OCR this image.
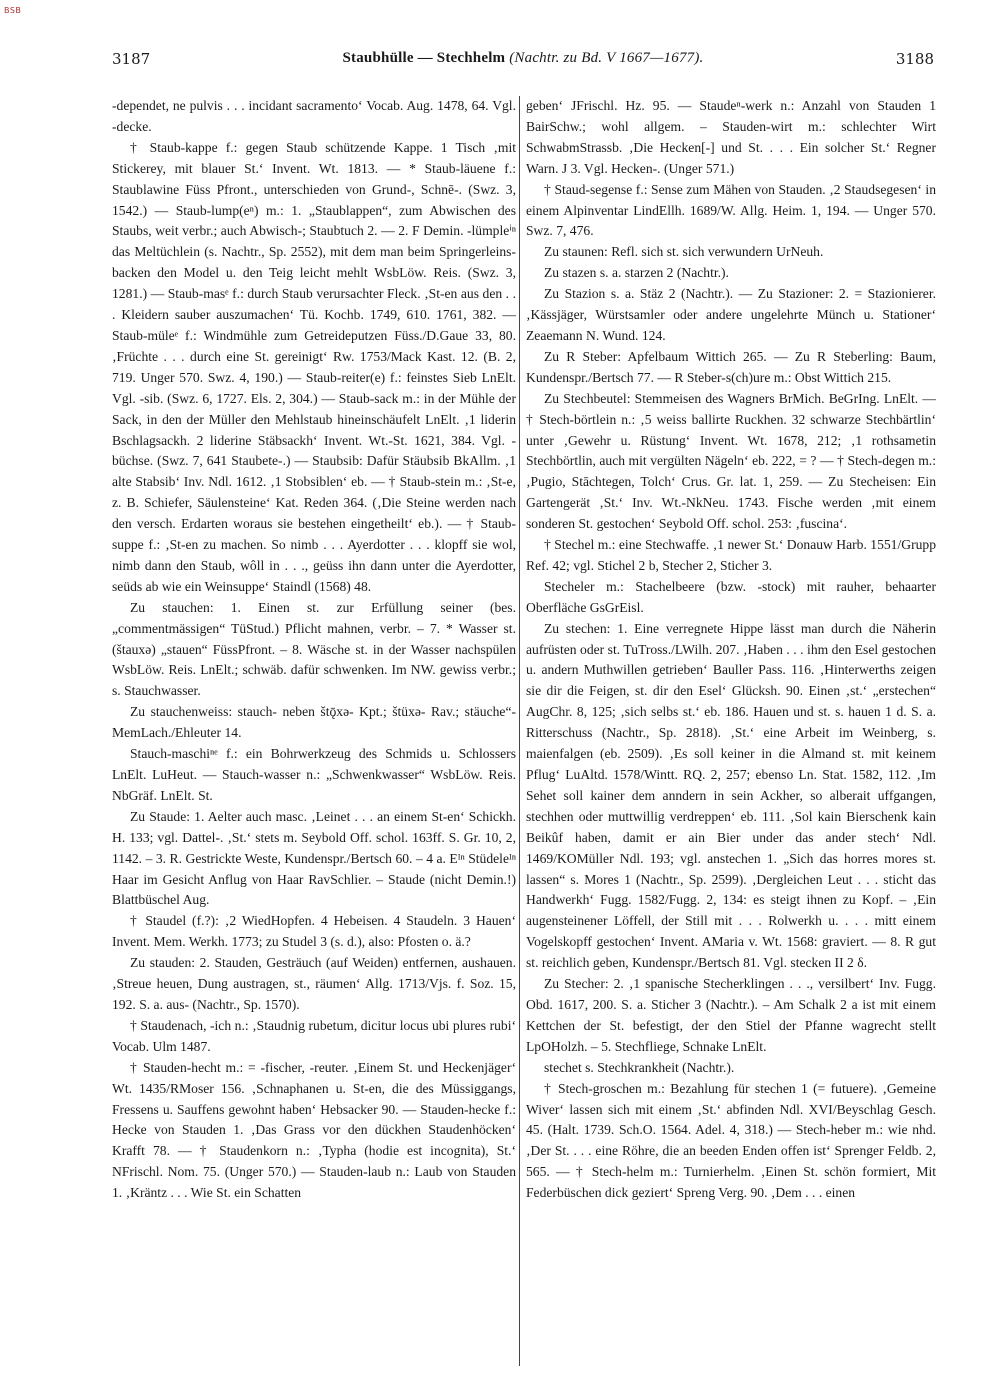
BSB
3187	Staubhülle — Stechhelm (Nachtr. zu Bd. V 1667—1677).	3188

-dependet, ne pulvis . . . incidant sacramento‘ Vocab. Aug. 1478, 64. Vgl. -decke.

† Staub-kappe f.: gegen Staub schützende Kappe. 1 Tisch ‚mit Stickerey, mit blauer St.‘ Invent. Wt. 1813. — * Staub-läuene f.: Staublawine Füss Pfront., unterschieden von Grund-, Schnē-. (Swz. 3, 1542.) — Staub-lump(eⁿ) m.: 1. „Staublappen“, zum Abwischen des Staubs, weit verbr.; auch Abwisch-; Staubtuch 2. — 2. F Demin. -lümpleⁱⁿ das Meltüchlein (s. Nachtr., Sp. 2552), mit dem man beim Springerleins-backen den Model u. den Teig leicht mehlt WsbLöw. Reis. (Swz. 3, 1281.) — Staub-masᵉ f.: durch Staub verursachter Fleck. ‚St-en aus den . . . Kleidern sauber auszumachen‘ Tü. Kochb. 1749, 610. 1761, 382. — Staub-müleᵉ f.: Windmühle zum Getreideputzen Füss./D.Gaue 33, 80. ‚Früchte . . . durch eine St. gereinigt‘ Rw. 1753/Mack Kast. 12. (B. 2, 719. Unger 570. Swz. 4, 190.) — Staub-reiter(e) f.: feinstes Sieb LnElt. Vgl. -sib. (Swz. 6, 1727. Els. 2, 304.) — Staub-sack m.: in der Mühle der Sack, in den der Müller den Mehlstaub hineinschäufelt LnElt. ‚1 liderin Bschlagsackh. 2 liderine Stäbsackh‘ Invent. Wt.-St. 1621, 384. Vgl. -büchse. (Swz. 7, 641 Staubete-.) — Staubsib: Dafür Stäubsib BkAllm. ‚1 alte Stabsib‘ Inv. Ndl. 1612. ‚1 Stobsiblen‘ eb. — † Staub-stein m.: ‚St-e, z. B. Schiefer, Säulensteine‘ Kat. Reden 364. (‚Die Steine werden nach den versch. Erdarten woraus sie bestehen eingetheilt‘ eb.). — † Staub-suppe f.: ‚St-en zu machen. So nimb . . . Ayerdotter . . . klopff sie wol, nimb dann den Staub, wôll in . . ., geüss ihn dann unter die Ayerdotter, seüds ab wie ein Weinsuppe‘ Staindl (1568) 48.

Zu stauchen: 1. Einen st. zur Erfüllung seiner (bes. „commentmässigen“ TüStud.) Pflicht mahnen, verbr. – 7. * Wasser st. (štauxə) „stauen“ FüssPfront. – 8. Wäsche st. in der Wasser nachspülen WsbLöw. Reis. LnElt.; schwäb. dafür schwenken. Im NW. gewiss verbr.; s. Stauchwasser.

Zu stauchenweiss: stauch- neben štǭxə- Kpt.; štüxə- Rav.; stäuche“- MemLach./Ehleuter 14.

Stauch-maschiⁿᵉ f.: ein Bohrwerkzeug des Schmids u. Schlossers LnElt. LuHeut. — Stauch-wasser n.: „Schwenkwasser“ WsbLöw. Reis. NbGräf. LnElt. St.

Zu Staude: 1. Aelter auch masc. ‚Leinet . . . an einem St-en‘ Schickh. H. 133; vgl. Dattel-. ‚St.‘ stets m. Seybold Off. schol. 163ff. S. Gr. 10, 2, 1142. – 3. R. Gestrickte Weste, Kundenspr./Bertsch 60. – 4 a. Eᴵⁿ Stüdeleᴵⁿ Haar im Gesicht Anflug von Haar RavSchlier. – Staude (nicht Demin.!) Blattbüschel Aug.

† Staudel (f.?): ‚2 WiedHopfen. 4 Hebeisen. 4 Staudeln. 3 Hauen‘ Invent. Mem. Werkh. 1773; zu Studel 3 (s. d.), also: Pfosten o. ä.?

Zu stauden: 2. Stauden, Gesträuch (auf Weiden) entfernen, aushauen. ‚Streue heuen, Dung austragen, st., räumen‘ Allg. 1713/Vjs. f. Soz. 15, 192. S. a. aus- (Nachtr., Sp. 1570).

† Staudenach, -ich n.: ‚Staudnig rubetum, dicitur locus ubi plures rubi‘ Vocab. Ulm 1487.

† Stauden-hecht m.: = -fischer, -reuter. ‚Einem St. und Heckenjäger‘ Wt. 1435/RMoser 156. ‚Schnaphanen u. St-en, die des Müssiggangs, Fressens u. Sauffens gewohnt haben‘ Hebsacker 90. — Stauden-hecke f.: Hecke von Stauden 1. ‚Das Grass vor den dückhen Staudenhöcken‘ Krafft 78. — † Staudenkorn n.: ‚Typha (hodie est incognita), St.‘ NFrischl. Nom. 75. (Unger 570.) — Stauden-laub n.: Laub von Stauden 1. ‚Kräntz . . . Wie St. ein Schatten

geben‘ JFrischl. Hz. 95. — Staudeⁿ-werk n.: Anzahl von Stauden 1 BairSchw.; wohl allgem. – Stauden-wirt m.: schlechter Wirt SchwabmStrassb. ‚Die Hecken[-] und St. . . . Ein solcher St.‘ Regner Warn. J 3. Vgl. Hecken-. (Unger 571.)

† Staud-segense f.: Sense zum Mähen von Stauden. ‚2 Staudsegesen‘ in einem Alpinventar LindEllh. 1689/W. Allg. Heim. 1, 194. — Unger 570. Swz. 7, 476.

Zu staunen: Refl. sich st. sich verwundern UrNeuh.

Zu stazen s. a. starzen 2 (Nachtr.).

Zu Stazion s. a. Stäz 2 (Nachtr.). — Zu Stazioner: 2. = Stazionierer. ‚Kässjäger, Würstsamler oder andere ungelehrte Münch u. Stationer‘ Zeaemann N. Wund. 124.

Zu R Steber: Apfelbaum Wittich 265. — Zu R Steberling: Baum, Kundenspr./Bertsch 77. — R Steber-s(ch)ure m.: Obst Wittich 215.

Zu Stechbeutel: Stemmeisen des Wagners BrMich. BeGrIng. LnElt. — † Stech-börtlein n.: ‚5 weiss ballirte Ruckhen. 32 schwarze Stechbärtlin‘ unter ‚Gewehr u. Rüstung‘ Invent. Wt. 1678, 212; ‚1 rothsametin Stechbörtlin, auch mit vergülten Nägeln‘ eb. 222, = ? — † Stech-degen m.: ‚Pugio, Stāchtegen, Tolch‘ Crus. Gr. lat. 1, 259. — Zu Stecheisen: Ein Gartengerät ‚St.‘ Inv. Wt.-NkNeu. 1743. Fische werden ‚mit einem sonderen St. gestochen‘ Seybold Off. schol. 253: ‚fuscina‘.

† Stechel m.: eine Stechwaffe. ‚1 newer St.‘ Donauw Harb. 1551/Grupp Ref. 42; vgl. Stichel 2 b, Stecher 2, Sticher 3.

Stecheler m.: Stachelbeere (bzw. -stock) mit rauher, behaarter Oberfläche GsGrEisl.

Zu stechen: 1. Eine verregnete Hippe lässt man durch die Näherin aufrüsten oder st. TuTross./LWilh. 207. ‚Haben . . . ihm den Esel gestochen u. andern Muthwillen getrieben‘ Bauller Pass. 116. ‚Hinterwerths zeigen sie dir die Feigen, st. dir den Esel‘ Glücksh. 90. Einen ‚st.‘ „erstechen“ AugChr. 8, 125; ‚sich selbs st.‘ eb. 186. Hauen und st. s. hauen 1 d. S. a. Ritterschuss (Nachtr., Sp. 2818). ‚St.‘ eine Arbeit im Weinberg, s. maienfalgen (eb. 2509). ‚Es soll keiner in die Almand st. mit keinem Pflug‘ LuAltd. 1578/Wintt. RQ. 2, 257; ebenso Ln. Stat. 1582, 112. ‚Im Sehet soll kainer dem anndern in sein Ackher, so alberait uffgangen, stechhen oder muttwillig verdreppen‘ eb. 111. ‚Sol kain Bierschenk kain Beikûf haben, damit er ain Bier under das ander stech‘ Ndl. 1469/KOMüller Ndl. 193; vgl. anstechen 1. „Sich das horres mores st. lassen“ s. Mores 1 (Nachtr., Sp. 2599). ‚Dergleichen Leut . . . sticht das Handwerkh‘ Fugg. 1582/Fugg. 2, 134: es steigt ihnen zu Kopf. – ‚Ein augensteinener Löffell, der Still mit . . . Rolwerkh u. . . . mitt einem Vogelskopff gestochen‘ Invent. AMaria v. Wt. 1568: graviert. — 8. R gut st. reichlich geben, Kundenspr./Bertsch 81. Vgl. stecken II 2 δ.

Zu Stecher: 2. ‚1 spanische Stecherklingen . . ., versilbert‘ Inv. Fugg. Obd. 1617, 200. S. a. Sticher 3 (Nachtr.). – Am Schalk 2 a ist mit einem Kettchen der St. befestigt, der den Stiel der Pfanne wagrecht stellt LpOHolzh. – 5. Stechfliege, Schnake LnElt.

stechet s. Stechkrankheit (Nachtr.).

† Stech-groschen m.: Bezahlung für stechen 1 (= futuere). ‚Gemeine Wiver‘ lassen sich mit einem ‚St.‘ abfinden Ndl. XVI/Beyschlag Gesch. 45. (Halt. 1739. Sch.O. 1564. Adel. 4, 318.) — Stech-heber m.: wie nhd. ‚Der St. . . . eine Röhre, die an beeden Enden offen ist‘ Sprenger Feldb. 2, 565. — † Stech-helm m.: Turnierhelm. ‚Einen St. schön formiert, Mit Federbüschen dick geziert‘ Spreng Verg. 90. ‚Dem . . . einen
